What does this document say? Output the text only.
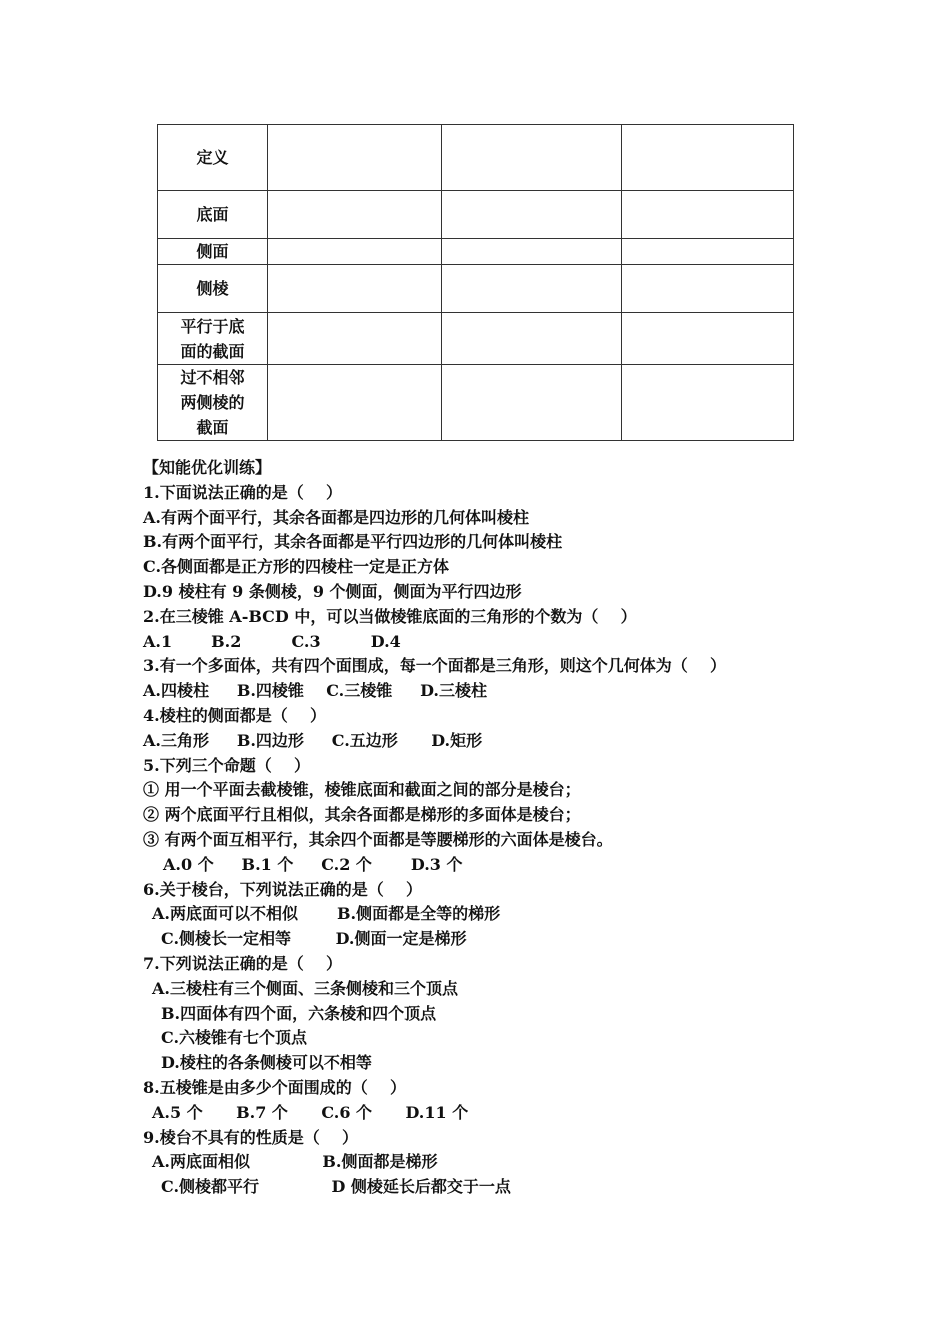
定义			
底面			
侧面			
侧棱			

平行于底
面的截面			

过不相邻
两侧棱的
截面			

【知能优化训练】
1.下面说法正确的是（    ）
A.有两个面平行，其余各面都是四边形的几何体叫棱柱
B.有两个面平行，其余各面都是平行四边形的几何体叫棱柱
C.各侧面都是正方形的四棱柱一定是正方体
D.9 棱柱有 9 条侧棱，9 个侧面，侧面为平行四边形
2.在三棱锥 A-BCD 中，可以当做棱锥底面的三角形的个数为（    ）
A.1       B.2         C.3         D.4
3.有一个多面体，共有四个面围成，每一个面都是三角形，则这个几何体为（    ）
A.四棱柱     B.四棱锥    C.三棱锥     D.三棱柱
4.棱柱的侧面都是（    ）
A.三角形     B.四边形     C.五边形      D.矩形
5.下列三个命题（    ）
① 用一个平面去截棱锥，棱锥底面和截面之间的部分是棱台；
② 两个底面平行且相似，其余各面都是梯形的多面体是棱台；
③ 有两个面互相平行，其余四个面都是等腰梯形的六面体是棱台。
A.0 个     B.1 个     C.2 个       D.3 个
6.关于棱台，下列说法正确的是（    ）
A.两底面可以不相似       B.侧面都是全等的梯形
C.侧棱长一定相等        D.侧面一定是梯形
7.下列说法正确的是（    ）
A.三棱柱有三个侧面、三条侧棱和三个顶点
B.四面体有四个面，六条棱和四个顶点
C.六棱锥有七个顶点
D.棱柱的各条侧棱可以不相等
8.五棱锥是由多少个面围成的（    ）
A.5 个      B.7 个      C.6 个      D.11 个
9.棱台不具有的性质是（    ）
A.两底面相似             B.侧面都是梯形
C.侧棱都平行             D 侧棱延长后都交于一点
